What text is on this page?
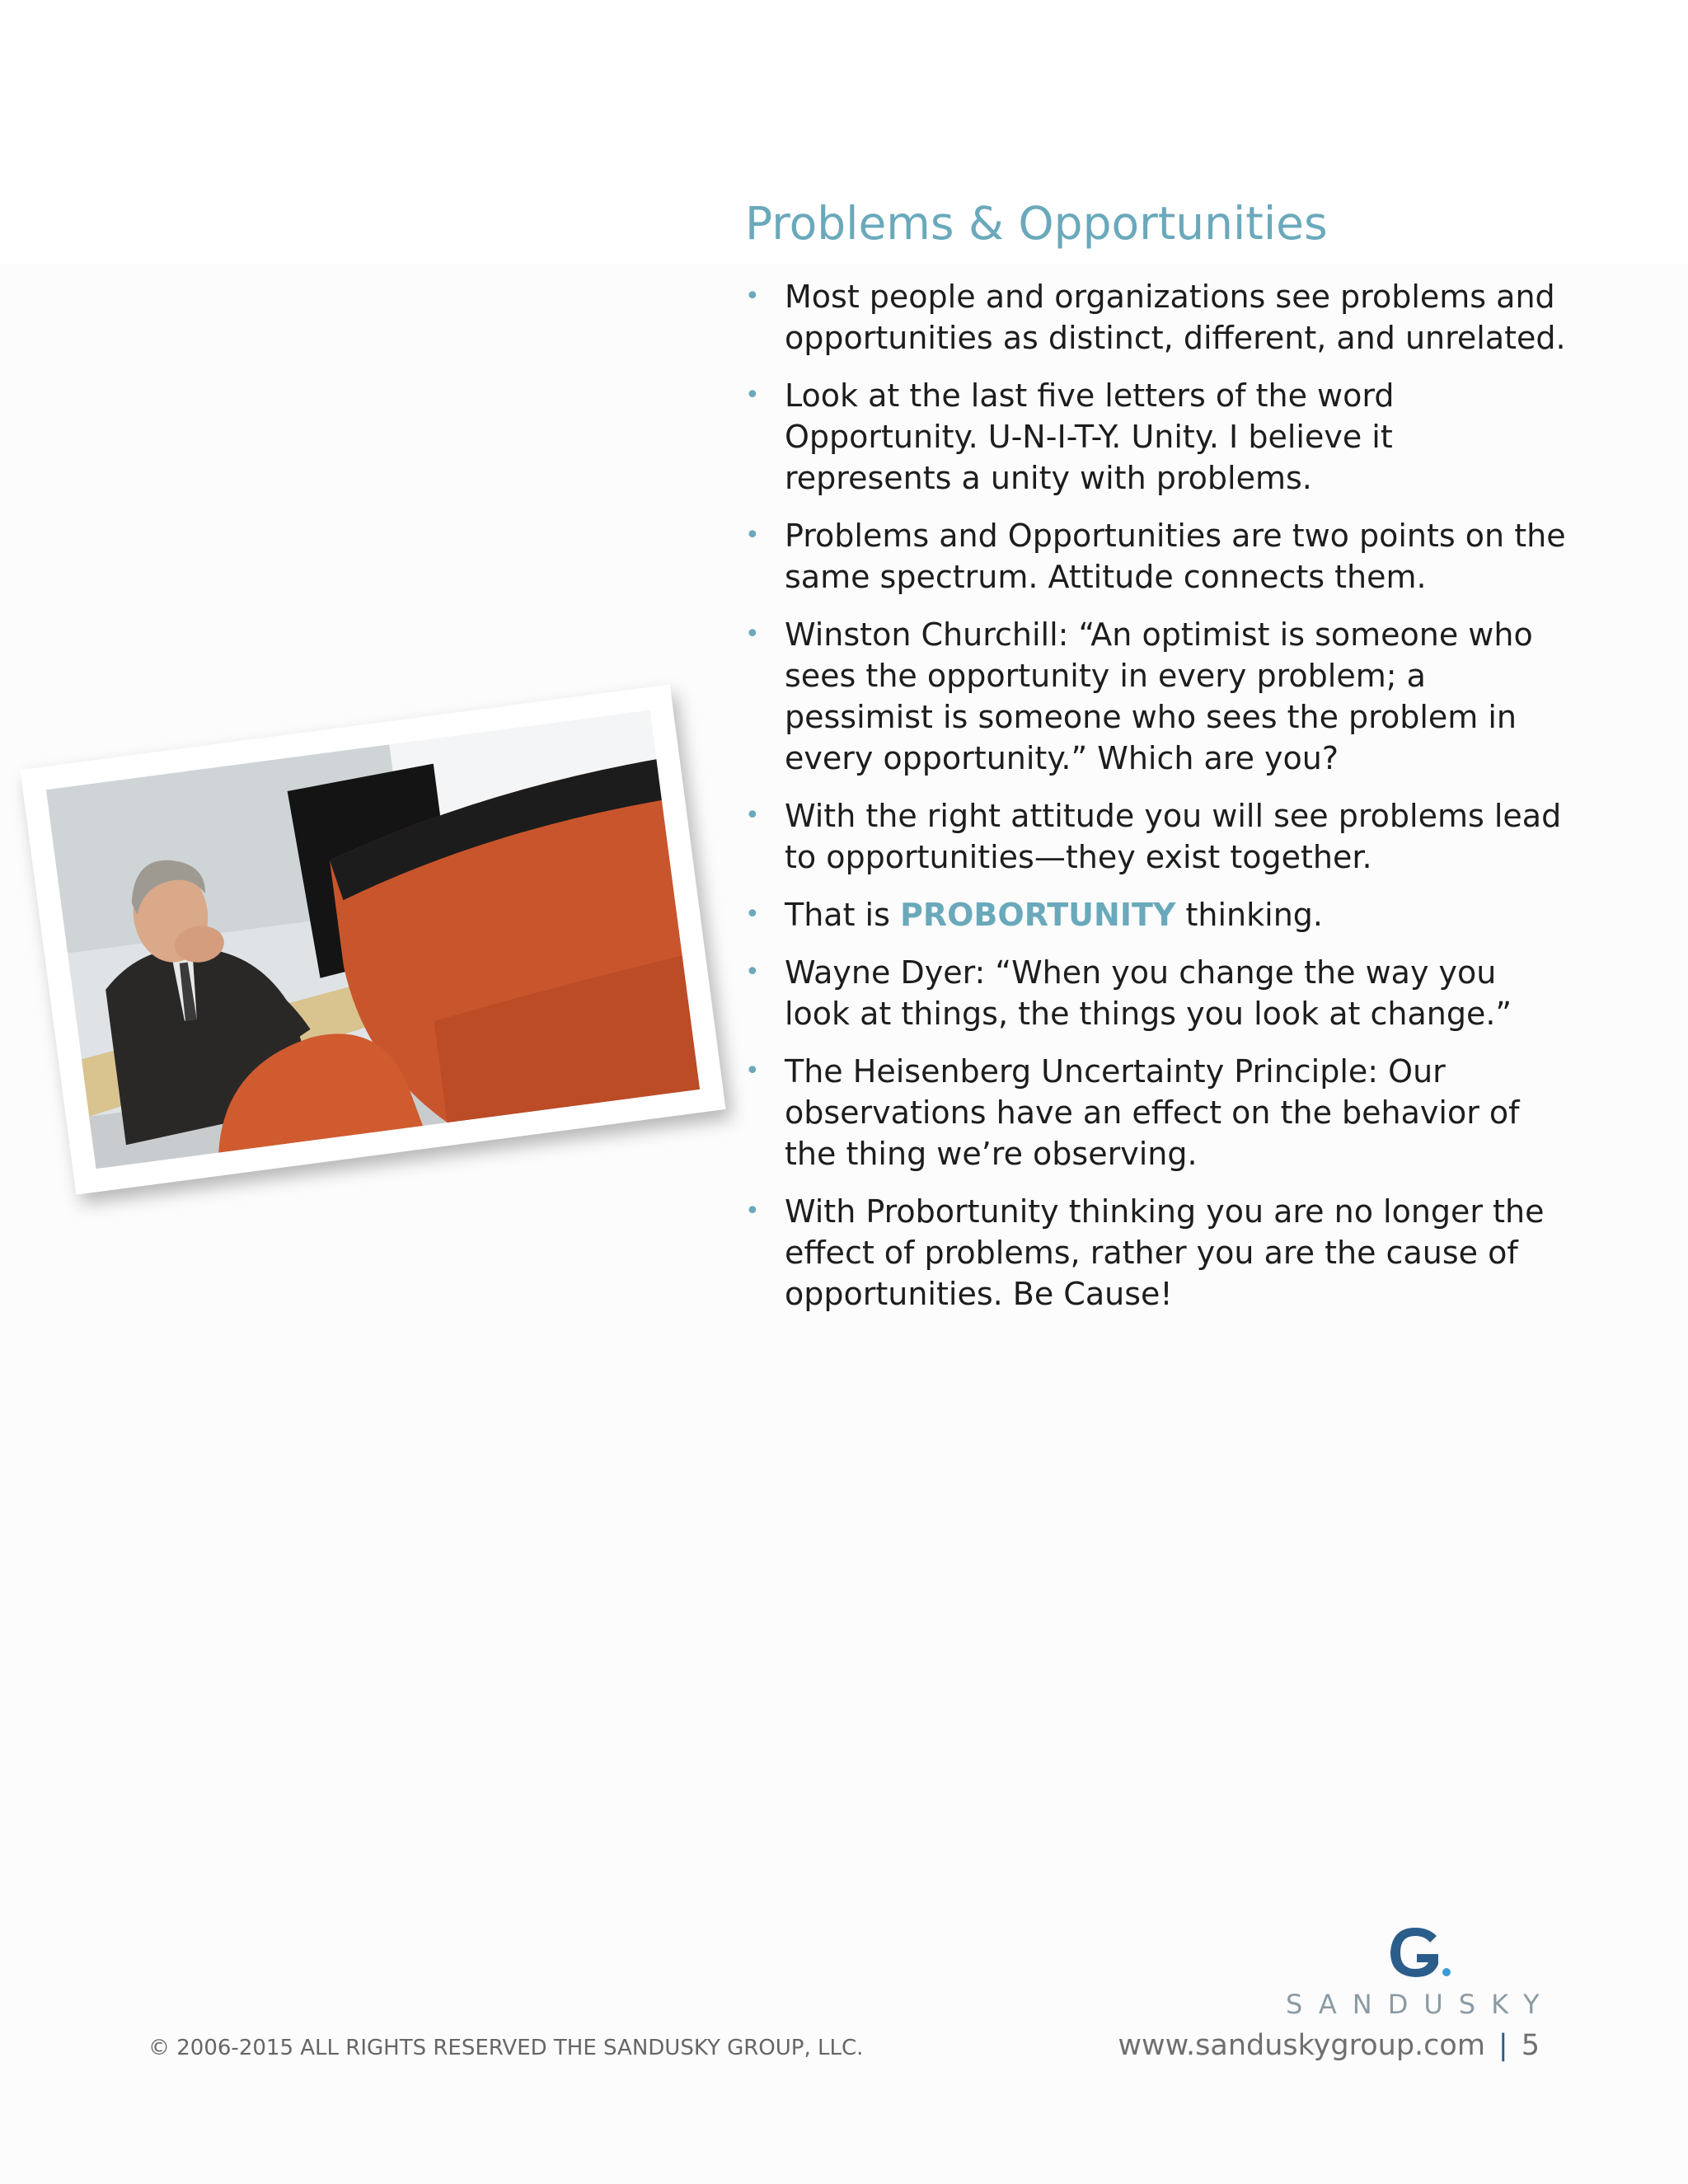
Problems & Opportunities
• Most people and organizations see problems and opportunities as distinct, different, and unrelated.
• Look at the last five letters of the word Opportunity. U-N-I-T-Y. Unity. I believe it represents a unity with problems.
• Problems and Opportunities are two points on the same spectrum. Attitude connects them.
• Winston Churchill: “An optimist is someone who sees the opportunity in every problem; a pessimist is someone who sees the problem in every opportunity.” Which are you?
• With the right attitude you will see problems lead to opportunities—they exist together.
• That is PROBORTUNITY thinking.
• Wayne Dyer: “When you change the way you look at things, the things you look at change.”
• The Heisenberg Uncertainty Principle: Our observations have an effect on the behavior of the thing we’re observing.
• With Probortunity thinking you are no longer the effect of problems, rather you are the cause of opportunities. Be Cause!
SANDUSKY
© 2006-2015 ALL RIGHTS RESERVED THE SANDUSKY GROUP, LLC.	www.sanduskygroup.com | 5
